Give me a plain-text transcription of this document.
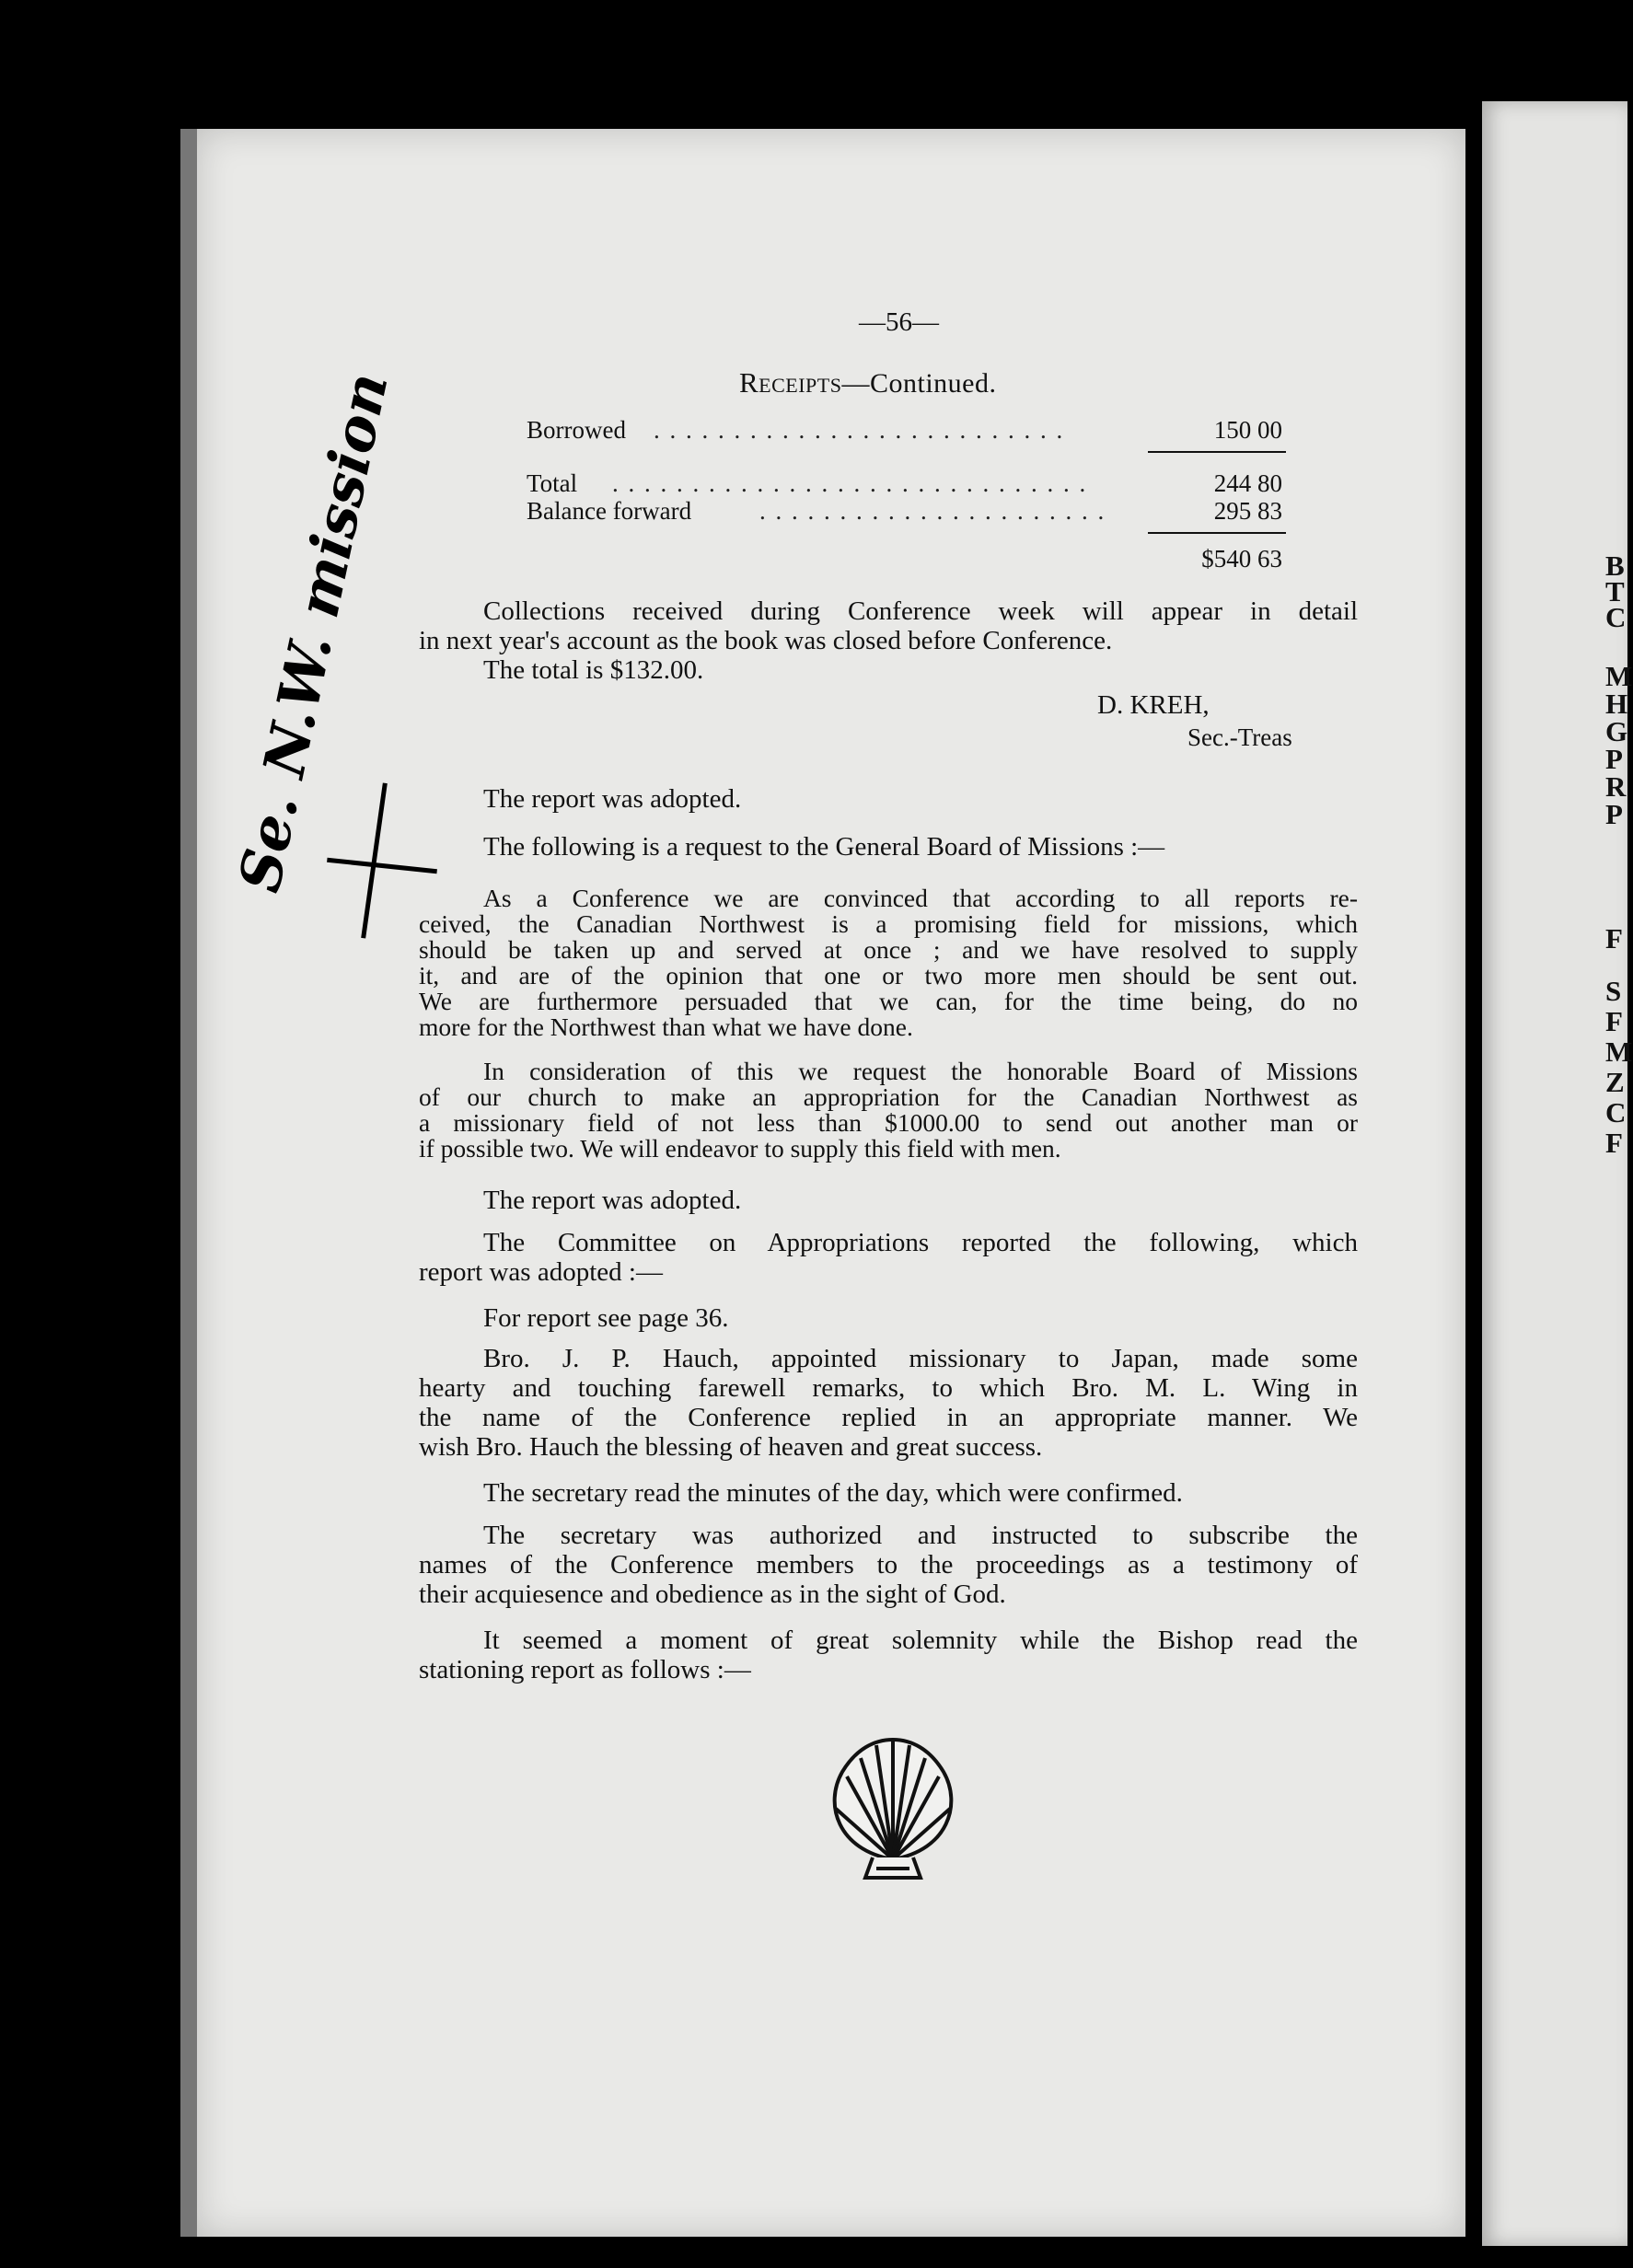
B
T
C
M
H
G
P
R
P
F
S
F
M
Z
C
F
—56—
Receipts—Continued.
Borrowed . . . . . . . . . . . . . . . . . . . . . . . . . .	150 00
Total . . . . . . . . . . . . . . . . . . . . . . . . . . . . . .	244 80
Balance forward	. . . . . . . . . . . . . . . . . . . . . .	295 83
$540 63
Collections received during Conference week will appear in detail
in next year's account as the book was closed before Conference.
The total is $132.00.
D. KREH,
Sec.-Treas
The report was adopted.
The following is a request to the General Board of Missions :—
As a Conference we are convinced that according to all reports re-
ceived, the Canadian Northwest is a promising field for missions, which
should be taken up and served at once ; and we have resolved to supply
it, and are of the opinion that one or two more men should be sent out.
We are furthermore persuaded that we can, for the time being, do no
more for the Northwest than what we have done.
In consideration of this we request the honorable Board of Missions
of our church to make an appropriation for the Canadian Northwest as
a missionary field of not less than $1000.00 to send out another man or
if possible two. We will endeavor to supply this field with men.
The report was adopted.
The Committee on Appropriations reported the following, which
report was adopted :—
For report see page 36.
Bro. J. P. Hauch, appointed missionary to Japan, made some
hearty and touching farewell remarks, to which Bro. M. L. Wing in
the name of the Conference replied in an appropriate manner. We
wish Bro. Hauch the blessing of heaven and great success.
The secretary read the minutes of the day, which were confirmed.
The secretary was authorized and instructed to subscribe the
names of the Conference members to the proceedings as a testimony of
their acquiesence and obedience as in the sight of God.
It seemed a moment of great solemnity while the Bishop read the
stationing report as follows :—
Se. N.W. mission
